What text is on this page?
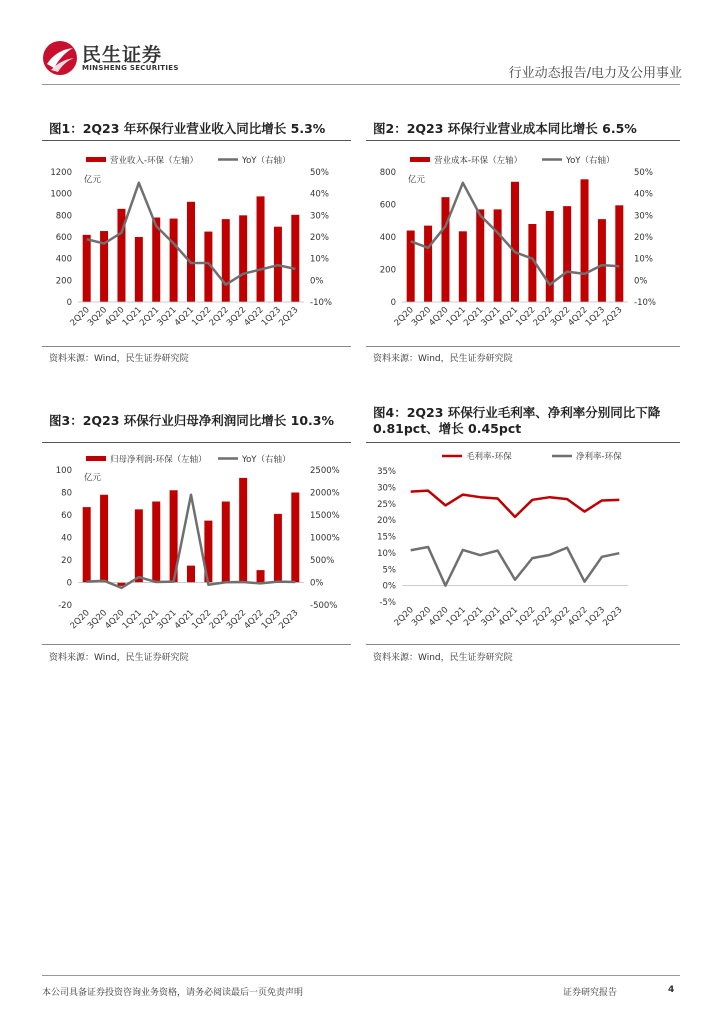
民生证券
MINSHENG SECURITIES	行业动态报告/电力及公用事业
图1：2Q23 年环保行业营业收入同比增长 5.3%
营业收入-环保（左轴）	YoY（右轴）
亿元
0
200
400
600
800
1000
1200
-10%
0%
10%
20%
30%
40%
50%
2Q20
3Q20
4Q20
1Q21
2Q21
3Q21
4Q21
1Q22
2Q22
3Q22
4Q22
1Q23
2Q23
资料来源：Wind，民生证券研究院
图2：2Q23 环保行业营业成本同比增长 6.5%
营业成本-环保（左轴）	YoY（右轴）
亿元
0
200
400
600
800
-10%
0%
10%
20%
30%
40%
50%
2Q20
3Q20
4Q20
1Q21
2Q21
3Q21
4Q21
1Q22
2Q22
3Q22
4Q22
1Q23
2Q23
资料来源：Wind，民生证券研究院
图3：2Q23 环保行业归母净利润同比增长 10.3%
归母净利润-环保（左轴）	YoY（右轴）
亿元
-20
0
20
40
60
80
100
-500%
0%
500%
1000%
1500%
2000%
2500%
2Q20
3Q20
4Q20
1Q21
2Q21
3Q21
4Q21
1Q22
2Q22
3Q22
4Q22
1Q23
2Q23
资料来源：Wind，民生证券研究院
图4：2Q23 环保行业毛利率、净利率分别同比下降
0.81pct、增长 0.45pct
毛利率-环保	净利率-环保
-5%
0%
5%
10%
15%
20%
25%
30%
35%
2Q20
3Q20
4Q20
1Q21
2Q21
3Q21
4Q21
1Q22
2Q22
3Q22
4Q22
1Q23
2Q23
资料来源：Wind，民生证券研究院
本公司具备证券投资咨询业务资格，请务必阅读最后一页免责声明	证券研究报告	4
